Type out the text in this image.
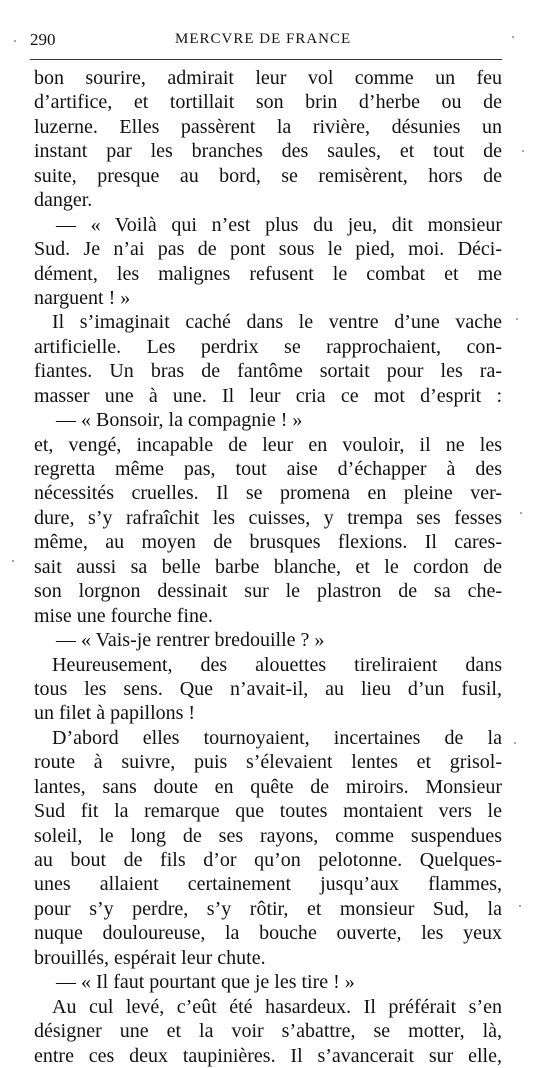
290	MERCVRE DE FRANCE
bon sourire, admirait leur vol comme un feu
d’artifice, et tortillait son brin d’herbe ou de
luzerne. Elles passèrent la rivière, désunies un
instant par les branches des saules, et tout de
suite, presque au bord, se remisèrent, hors de
danger.
— « Voilà qui n’est plus du jeu, dit monsieur
Sud. Je n’ai pas de pont sous le pied, moi. Déci-
dément, les malignes refusent le combat et me
narguent ! »
Il s’imaginait caché dans le ventre d’une vache
artificielle. Les perdrix se rapprochaient, con-
fiantes. Un bras de fantôme sortait pour les ra-
masser une à une. Il leur cria ce mot d’esprit :
— « Bonsoir, la compagnie ! »
et, vengé, incapable de leur en vouloir, il ne les
regretta même pas, tout aise d’échapper à des
nécessités cruelles. Il se promena en pleine ver-
dure, s’y rafraîchit les cuisses, y trempa ses fesses
même, au moyen de brusques flexions. Il cares-
sait aussi sa belle barbe blanche, et le cordon de
son lorgnon dessinait sur le plastron de sa che-
mise une fourche fine.
— « Vais-je rentrer bredouille ? »
Heureusement, des alouettes tireliraient dans
tous les sens. Que n’avait-il, au lieu d’un fusil,
un filet à papillons !
D’abord elles tournoyaient, incertaines de la
route à suivre, puis s’élevaient lentes et grisol-
lantes, sans doute en quête de miroirs. Monsieur
Sud fit la remarque que toutes montaient vers le
soleil, le long de ses rayons, comme suspendues
au bout de fils d’or qu’on pelotonne. Quelques-
unes allaient certainement jusqu’aux flammes,
pour s’y perdre, s’y rôtir, et monsieur Sud, la
nuque douloureuse, la bouche ouverte, les yeux
brouillés, espérait leur chute.
— « Il faut pourtant que je les tire ! »
Au cul levé, c’eût été hasardeux. Il préférait s’en
désigner une et la voir s’abattre, se motter, là,
entre ces deux taupinières. Il s’avancerait sur elle,
